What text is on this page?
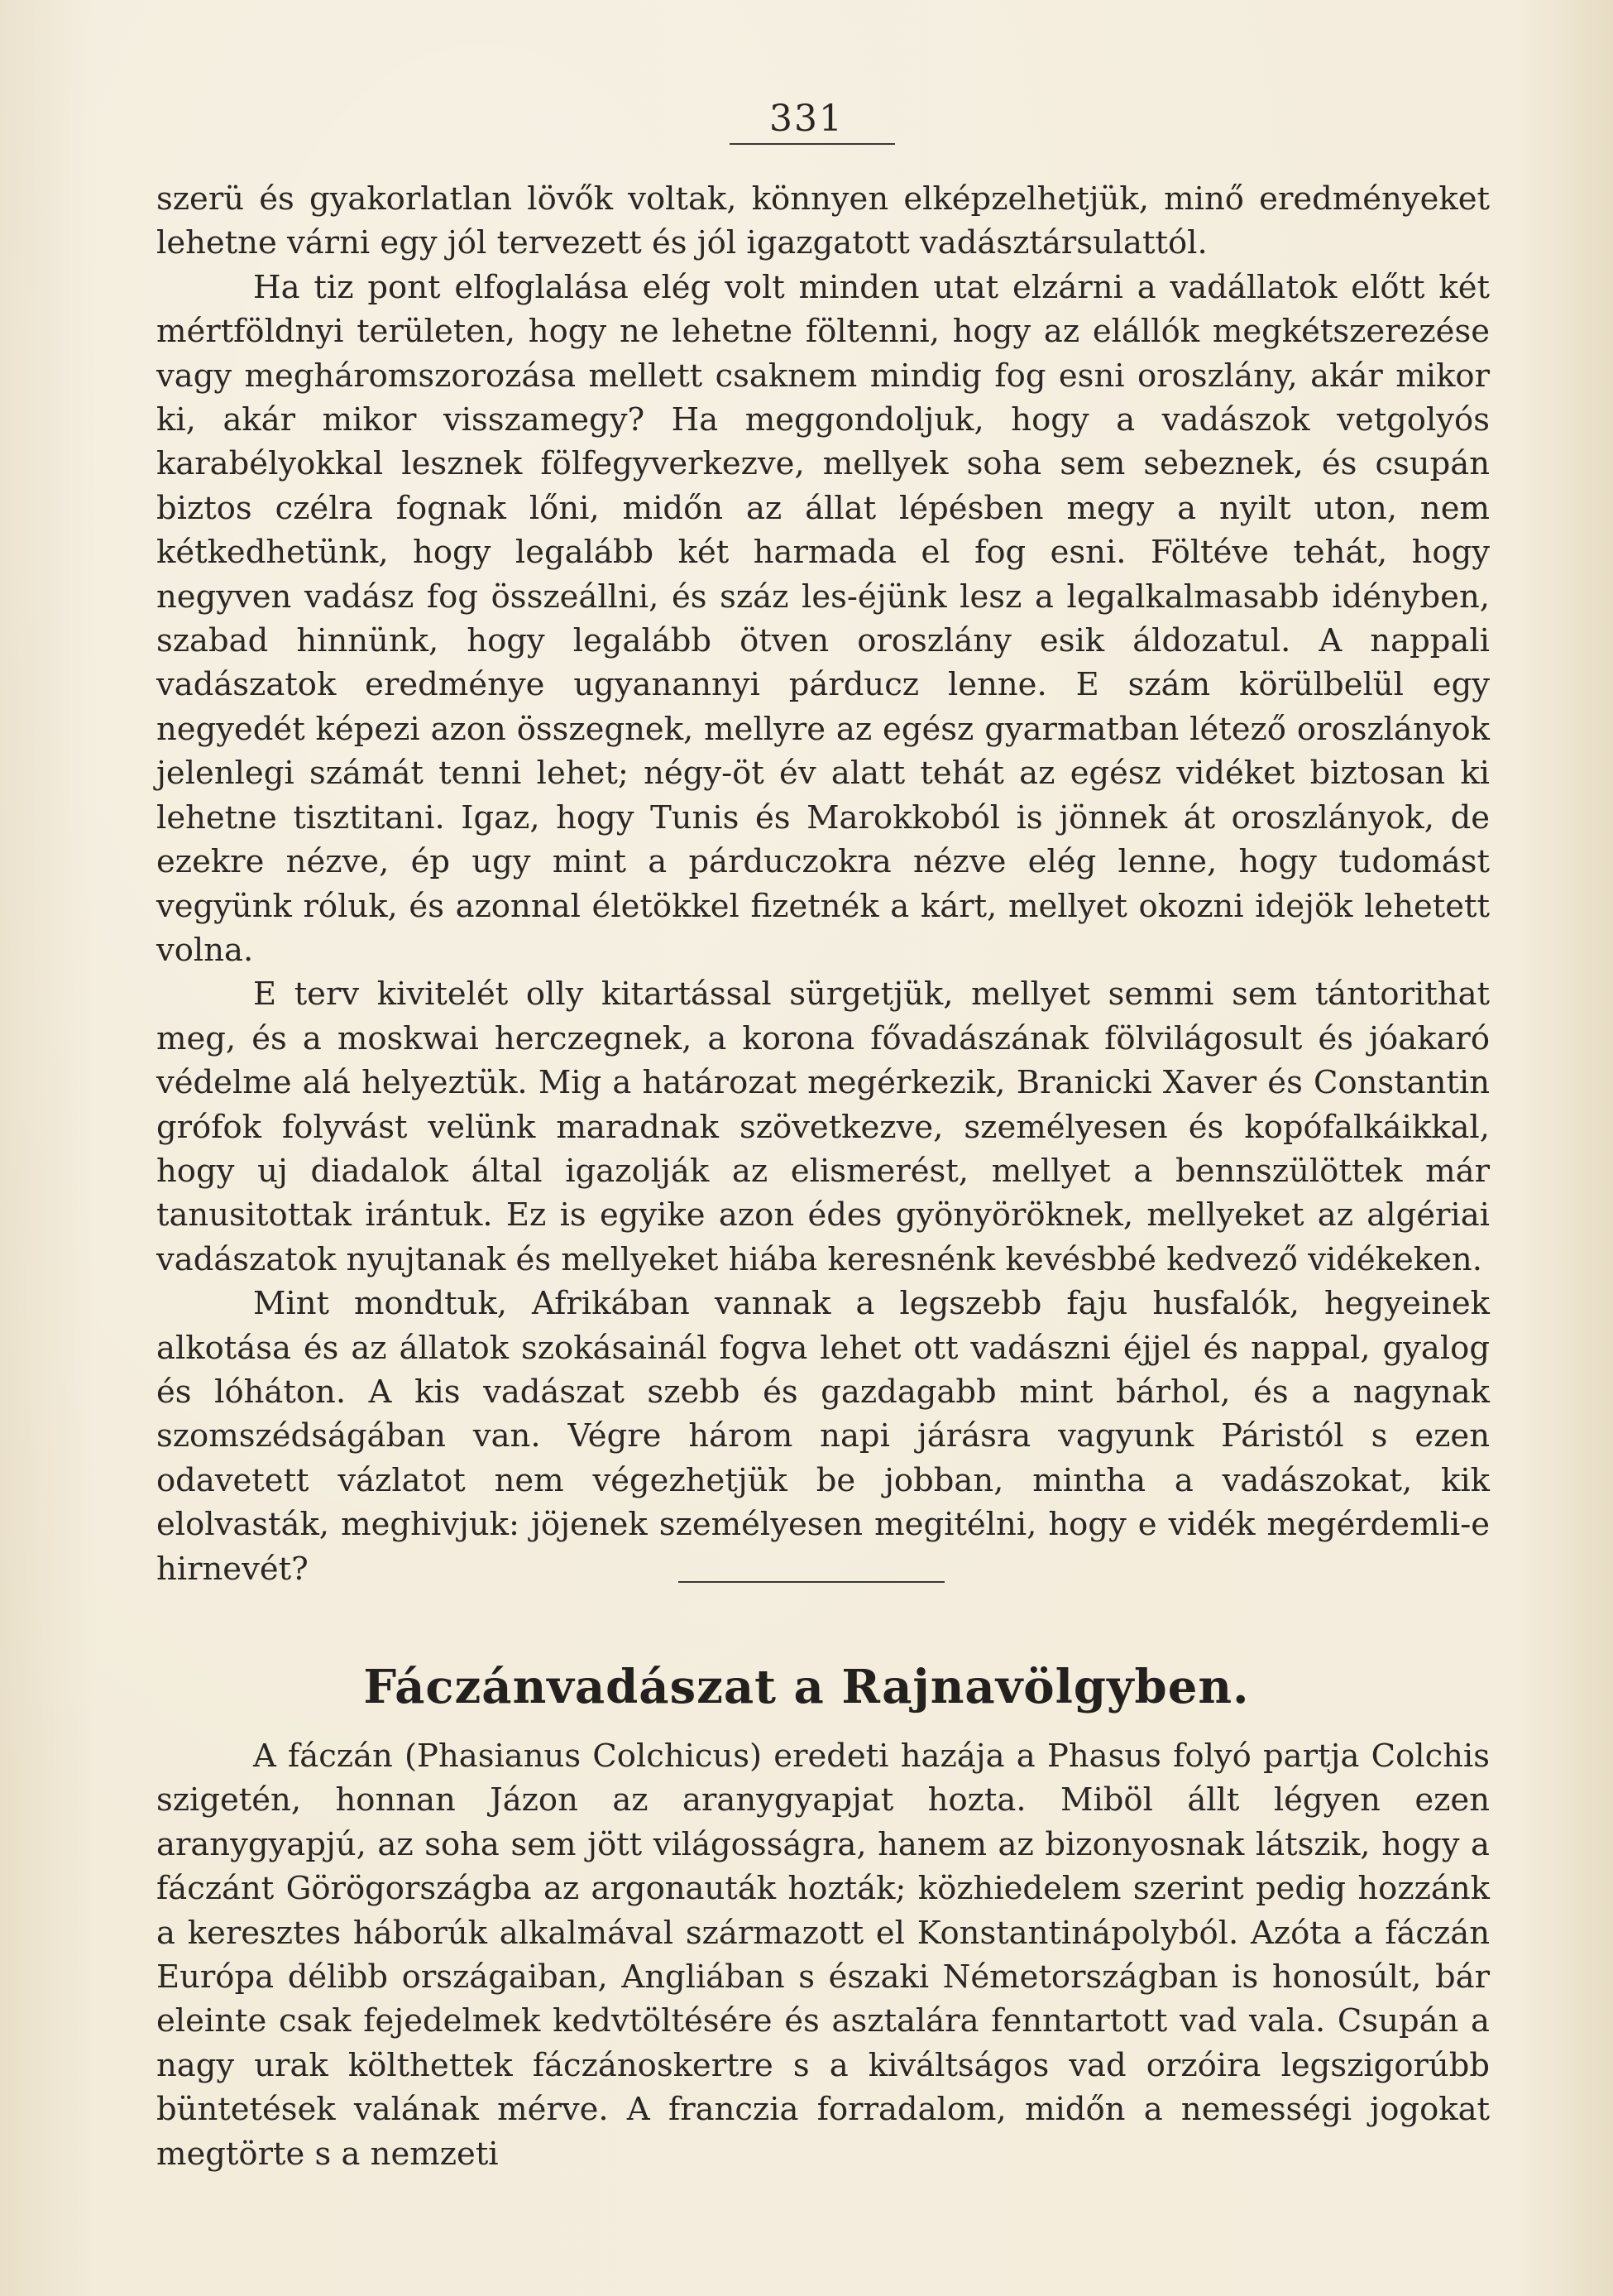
331

szerü és gyakorlatlan lövők voltak, könnyen elképzelhetjük, minő eredményeket lehetne várni egy jól tervezett és jól igazgatott vadásztársulattól.

Ha tiz pont elfoglalása elég volt minden utat elzárni a vadállatok előtt két mértföldnyi területen, hogy ne lehetne föltenni, hogy az elállók megkétszerezése vagy megháromszorozása mellett csaknem mindig fog esni oroszlány, akár mikor ki, akár mikor visszamegy? Ha meggondoljuk, hogy a vadászok vetgolyós karabélyokkal lesznek fölfegyverkezve, mellyek soha sem sebeznek, és csupán biztos czélra fognak lőni, midőn az állat lépésben megy a nyilt uton, nem kétkedhetünk, hogy legalább két harmada el fog esni. Föltéve tehát, hogy negyven vadász fog összeállni, és száz les-éjünk lesz a legalkalmasabb idényben, szabad hinnünk, hogy legalább ötven oroszlány esik áldozatul. A nappali vadászatok eredménye ugyanannyi párducz lenne. E szám körülbelül egy negyedét képezi azon összegnek, mellyre az egész gyarmatban létező oroszlányok jelenlegi számát tenni lehet; négy-öt év alatt tehát az egész vidéket biztosan ki lehetne tisztitani. Igaz, hogy Tunis és Marokkoból is jönnek át oroszlányok, de ezekre nézve, ép ugy mint a párduczokra nézve elég lenne, hogy tudomást vegyünk róluk, és azonnal életökkel fizetnék a kárt, mellyet okozni idejök lehetett volna.

E terv kivitelét olly kitartással sürgetjük, mellyet semmi sem tántorithat meg, és a moskwai herczegnek, a korona fővadászának fölvilágosult és jóakaró védelme alá helyeztük. Mig a határozat megérkezik, Branicki Xaver és Constantin grófok folyvást velünk maradnak szövetkezve, személyesen és kopófalkáikkal, hogy uj diadalok által igazolják az elismerést, mellyet a bennszülöttek már tanusitottak irántuk. Ez is egyike azon édes gyönyöröknek, mellyeket az algériai vadászatok nyujtanak és mellyeket hiába keresnénk kevésbbé kedvező vidékeken.

Mint mondtuk, Afrikában vannak a legszebb faju husfalók, hegyeinek alkotása és az állatok szokásainál fogva lehet ott vadászni éjjel és nappal, gyalog és lóháton. A kis vadászat szebb és gazdagabb mint bárhol, és a nagynak szomszédságában van. Végre három napi járásra vagyunk Páristól s ezen odavetett vázlatot nem végezhetjük be jobban, minthа a vadászokat, kik elolvasták, meghivjuk: jöjenek személyesen megitélni, hogy e vidék megérdemli-e hirnevét?

Fáczánvadászat a Rajnavölgyben.

A fáczán (Phasianus Colchicus) eredeti hazája a Phasus folyó partja Colchis szigetén, honnan Jázon az aranygyapjat hozta. Miböl állt légyen ezen aranygyapjú, az soha sem jött világosságra, hanem az bizonyosnak látszik, hogy a fáczánt Görögországba az argonauták hozták; közhiedelem szerint pedig hozzánk a keresztes háborúk alkalmával származott el Konstantinápolyból. Azóta a fáczán Európa délibb országaiban, Angliában s északi Németországban is honosúlt, bár eleinte csak fejedelmek kedvtöltésére és asztalára fenntartott vad vala. Csupán a nagy urak költhettek fáczánoskertre s a kiváltságos vad orzóira legszigorúbb büntetések valának mérve. A franczia forradalom, midőn a nemességi jogokat megtörte s a nemzeti
